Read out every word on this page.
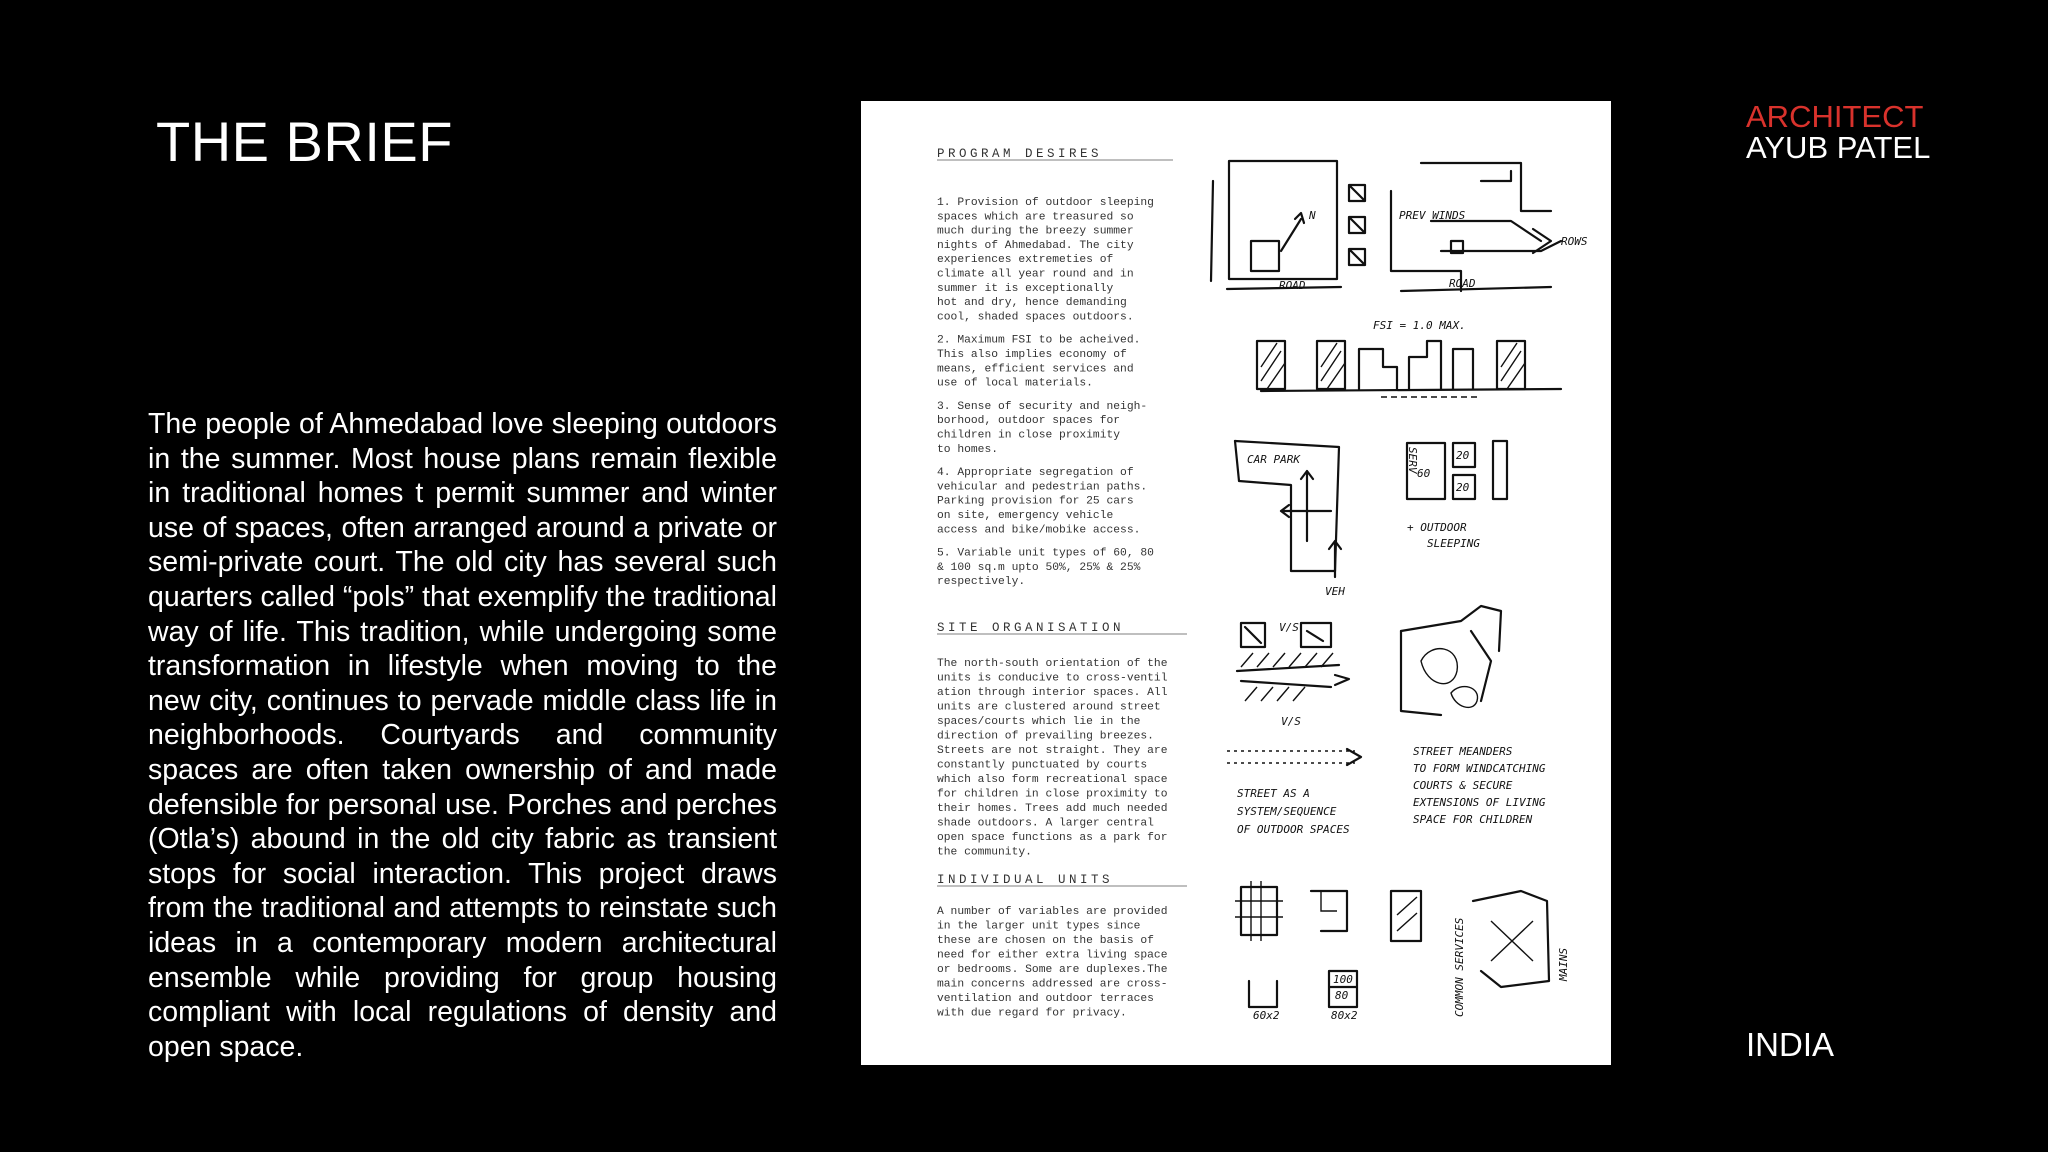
THE BRIEF	ARCHITECT
AYUB PATEL
The people of Ahmedabad love sleeping outdoors in the summer. Most house plans remain flexible in traditional homes t permit summer and winter use of spaces, often arranged around a private or semi-private court. The old city has several such quarters called “pols” that exemplify the traditional way of life. This tradition, while undergoing some transformation in lifestyle when moving to the new city, continues to pervade middle class life in neighborhoods. Courtyards and community spaces are often taken ownership of and made defensible for personal use. Porches and perches (Otla’s) abound in the old city fabric as transient stops for social interaction. This project draws from the traditional and attempts to reinstate such ideas in a contemporary modern architectural ensemble while providing for group housing compliant with local regulations of density and open space.	INDIA
PROGRAM DESIRES
1. Provision of outdoor sleeping
spaces which are treasured so
much during the breezy summer
nights of Ahmedabad. The city
experiences extremeties of
climate all year round and in
summer it is exceptionally
hot and dry, hence demanding
cool, shaded spaces outdoors.
2. Maximum FSI to be acheived.
This also implies economy of
means, efficient services and
use of local materials.
3. Sense of security and neigh-
borhood, outdoor spaces for
children in close proximity
to homes.
4. Appropriate segregation of
vehicular and pedestrian paths.
Parking provision for 25 cars
on site, emergency vehicle
access and bike/mobike access.
5. Variable unit types of 60, 80
& 100 sq.m upto 50%, 25% & 25%
respectively.
SITE ORGANISATION
The north-south orientation of the
units is conducive to cross-ventil
ation through interior spaces. All
units are clustered around street
spaces/courts which lie in the
direction of prevailing breezes.
Streets are not straight. They are
constantly punctuated by courts
which also form recreational space
for children in close proximity to
their homes. Trees add much needed
shade outdoors. A larger central
open space functions as a park for
the community.
INDIVIDUAL UNITS
A number of variables are provided
in the larger unit types since
these are chosen on the basis of
need for either extra living space
or bedrooms. Some are duplexes.The
main concerns addressed are cross-
ventilation and outdoor terraces
with due regard for privacy.
N
ROAD
PREV WINDS
ROWS
ROAD
FSI = 1.0 MAX.
CAR PARK
VEH
60
20
20
SERV
+ OUTDOOR
SLEEPING
V/S
V/S
STREET AS A
SYSTEM/SEQUENCE
OF OUTDOOR SPACES
STREET MEANDERS
TO FORM WINDCATCHING
COURTS & SECURE
EXTENSIONS OF LIVING
SPACE FOR CHILDREN
60x2	80x2
100
80	COMMON SERVICES	MAINS
